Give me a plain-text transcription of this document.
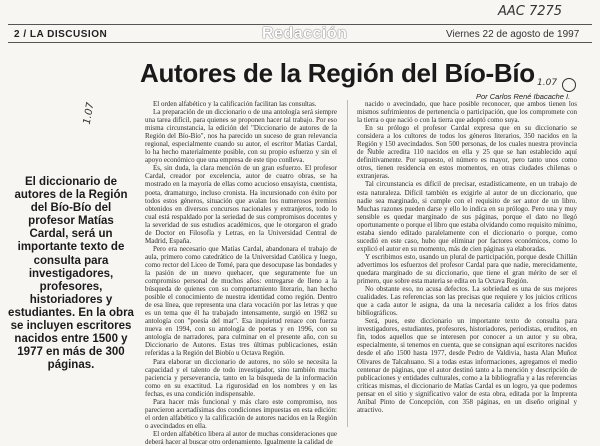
AAC 7275
1.07
1.07
2 / LA DISCUSION	Redacción	Viernes 22 de agosto de 1997
Autores de la Región del Bío-Bío
Por Carlos René Ibacache I.
El diccionario de autores de la Región del Bío-Bío del profesor Matías Cardal, será un importante texto de consulta para investigadores, profesores, historiadores y estudiantes. En la obra se incluyen escritores nacidos entre 1500 y 1977 en más de 300 páginas.

El orden alfabético y la calificación facilitan las consultas.

La preparación de un diccionario o de una antología será siempre una tarea difícil, para quienes se proponen hacer tal trabajo. Por eso misma circunstancia, la edición del "Diccionario de autores de la Región del Bío-Bío", nos ha parecido un suceso de gran relevancia regional, especialmente cuando su autor, el escritor Matías Cardal, lo ha hecho materialmente posible, con su propio esfuerzo y sin el apoyo económico que una empresa de este tipo conlleva.

Es, sin duda, la clara mención de un gran esfuerzo. El profesor Cardal, creador por excelencia, autor de cuatro obras, se ha mostrado en la mayoría de ellas como acucioso ensayista, cuentista, poeta, dramaturgo, incluso cronista. Ha incursionado con éxito por todos estos géneros, situación que avalan los numerosos premios obtenidos en diversos concursos nacionales y extranjeros, todo lo cual está respaldado por la seriedad de sus compromisos docentes y la severidad de sus estudios académicos, que le otorgaron el grado de Doctor en Filosofía y Letras, en la Universidad Central de Madrid, España.

Pero era necesario que Matías Cardal, abandonara el trabajo de aula, primero como catedrático de la Universidad Católica y luego, como rector del Liceo de Tomé, para que desocupase las bondades y la pasión de un nuevo quehacer, que seguramente fue un compromiso personal de muchos años: entregarse de lleno a la búsqueda de quienes con su comportamiento literario, han hecho posible el conocimiento de nuestra identidad como región. Dentro de esa línea, que representa una clara vocación por las letras y que es un tema que él ha trabajado intensamente, surgió en 1982 su antología con "poesía del mar". Esa inquietud renace con fuerza nueva en 1994, con su antología de poetas y en 1996, con su antología de narradores, para culminar en el presente año, con su Diccionario de Autores. Estas tres últimas publicaciones, están referidas a la Región del Biobío u Octava Región.

Para elaborar un diccionario de autores, no sólo se necesita la capacidad y el talento de todo investigador, sino también mucha paciencia y perseverancia, tanto en la búsqueda de la información como en su exactitud. La rigurosidad en los nombres y en las fechas, es una condición indispensable.

Para hacer más funcional y más claro este compromiso, nos parecieron acertadísimas dos condiciones impuestas en esta edición: el orden alfabético y la calificación de autores nacidos en la Región o avecindados en ella.

El orden alfabético libera al autor de muchas consideraciones que deberá hacer al buscar otro ordenamiento. Igualmente la calidad de

nacido o avecindado, que hace posible reconocer, que ambos tienen los mismos sufrimientos de pertenencia o participación, que los compromete con la tierra o que nació o con la tierra que adoptó como suya.

En su prólogo el profesor Cardal expresa que en su diccionario se considera a los cultores de todos los géneros literarios, 350 nacidos en la Región y 150 avecindados. Son 500 personas, de los cuales nuestra provincia de Ñuble acredita 110 nacidos en ella y 25 que se han establecido aquí definitivamente. Por supuesto, el número es mayor, pero tanto unos como otros, tienen residencia en estos momentos, en otras ciudades chilenas o extranjeras.

Tal circunstancia es difícil de precisar, estadísticamente, en un trabajo de esta naturaleza. Difícil también es exigirle al autor de un diccionario, que nadie sea marginado, si cumple con el requisito de ser autor de un libro. Muchas razones pueden darse y ello lo indica en su prólogo. Pero una y muy sensible es quedar marginado de sus páginas, porque el dato no llegó oportunamente o porque el libro que estaba olvidando como requisito mínimo, estaba siendo editado paralelamente con el diccionario o porque, como sucedió en este caso, hubo que eliminar por factores económicos, como lo explicó el autor en su momento, más de cien páginas ya elaboradas.

Y escribimos esto, usando un plural de participación, porque desde Chillán advertimos los esfuerzos del profesor Cardal para que nadie, merecidamente, quedara marginado de su diccionario, que tiene el gran mérito de ser el primero, que sobre esta materia se edita en la Octava Región.

No obstante eso, no acusa defectos. La sobriedad es una de sus mejores cualidades. Las referencias son las precisas que requiere y los juicios críticos que a cada autor le asigna, da una la necesaria calidez a los fríos datos bibliográficos.

Será, pues, este diccionario un importante texto de consulta para investigadores, estudiantes, profesores, historiadores, periodistas, eruditos, en fin, todos aquellos que se interesen por conocer a un autor y su obra, especialmente, si tenemos en cuenta, que se consignan aquí escritores nacidos desde el año 1500 hasta 1977, desde Pedro de Valdivia, hasta Alan Muñoz Olivares de Talcahuano. Si a todas estas informaciones, agregamos el medio centenar de páginas, que el autor destinó tanto a la mención y descripción de publicaciones y entidades culturales, como a la bibliografía y a las referencias críticas mismas, el diccionario de Matías Cardal es un logro, ya que podemos pensar en el sitio y significativo valor de esta obra, editada por la Imprenta Aníbal Pinto de Concepción, con 358 páginas, en un diseño original y atractivo.
